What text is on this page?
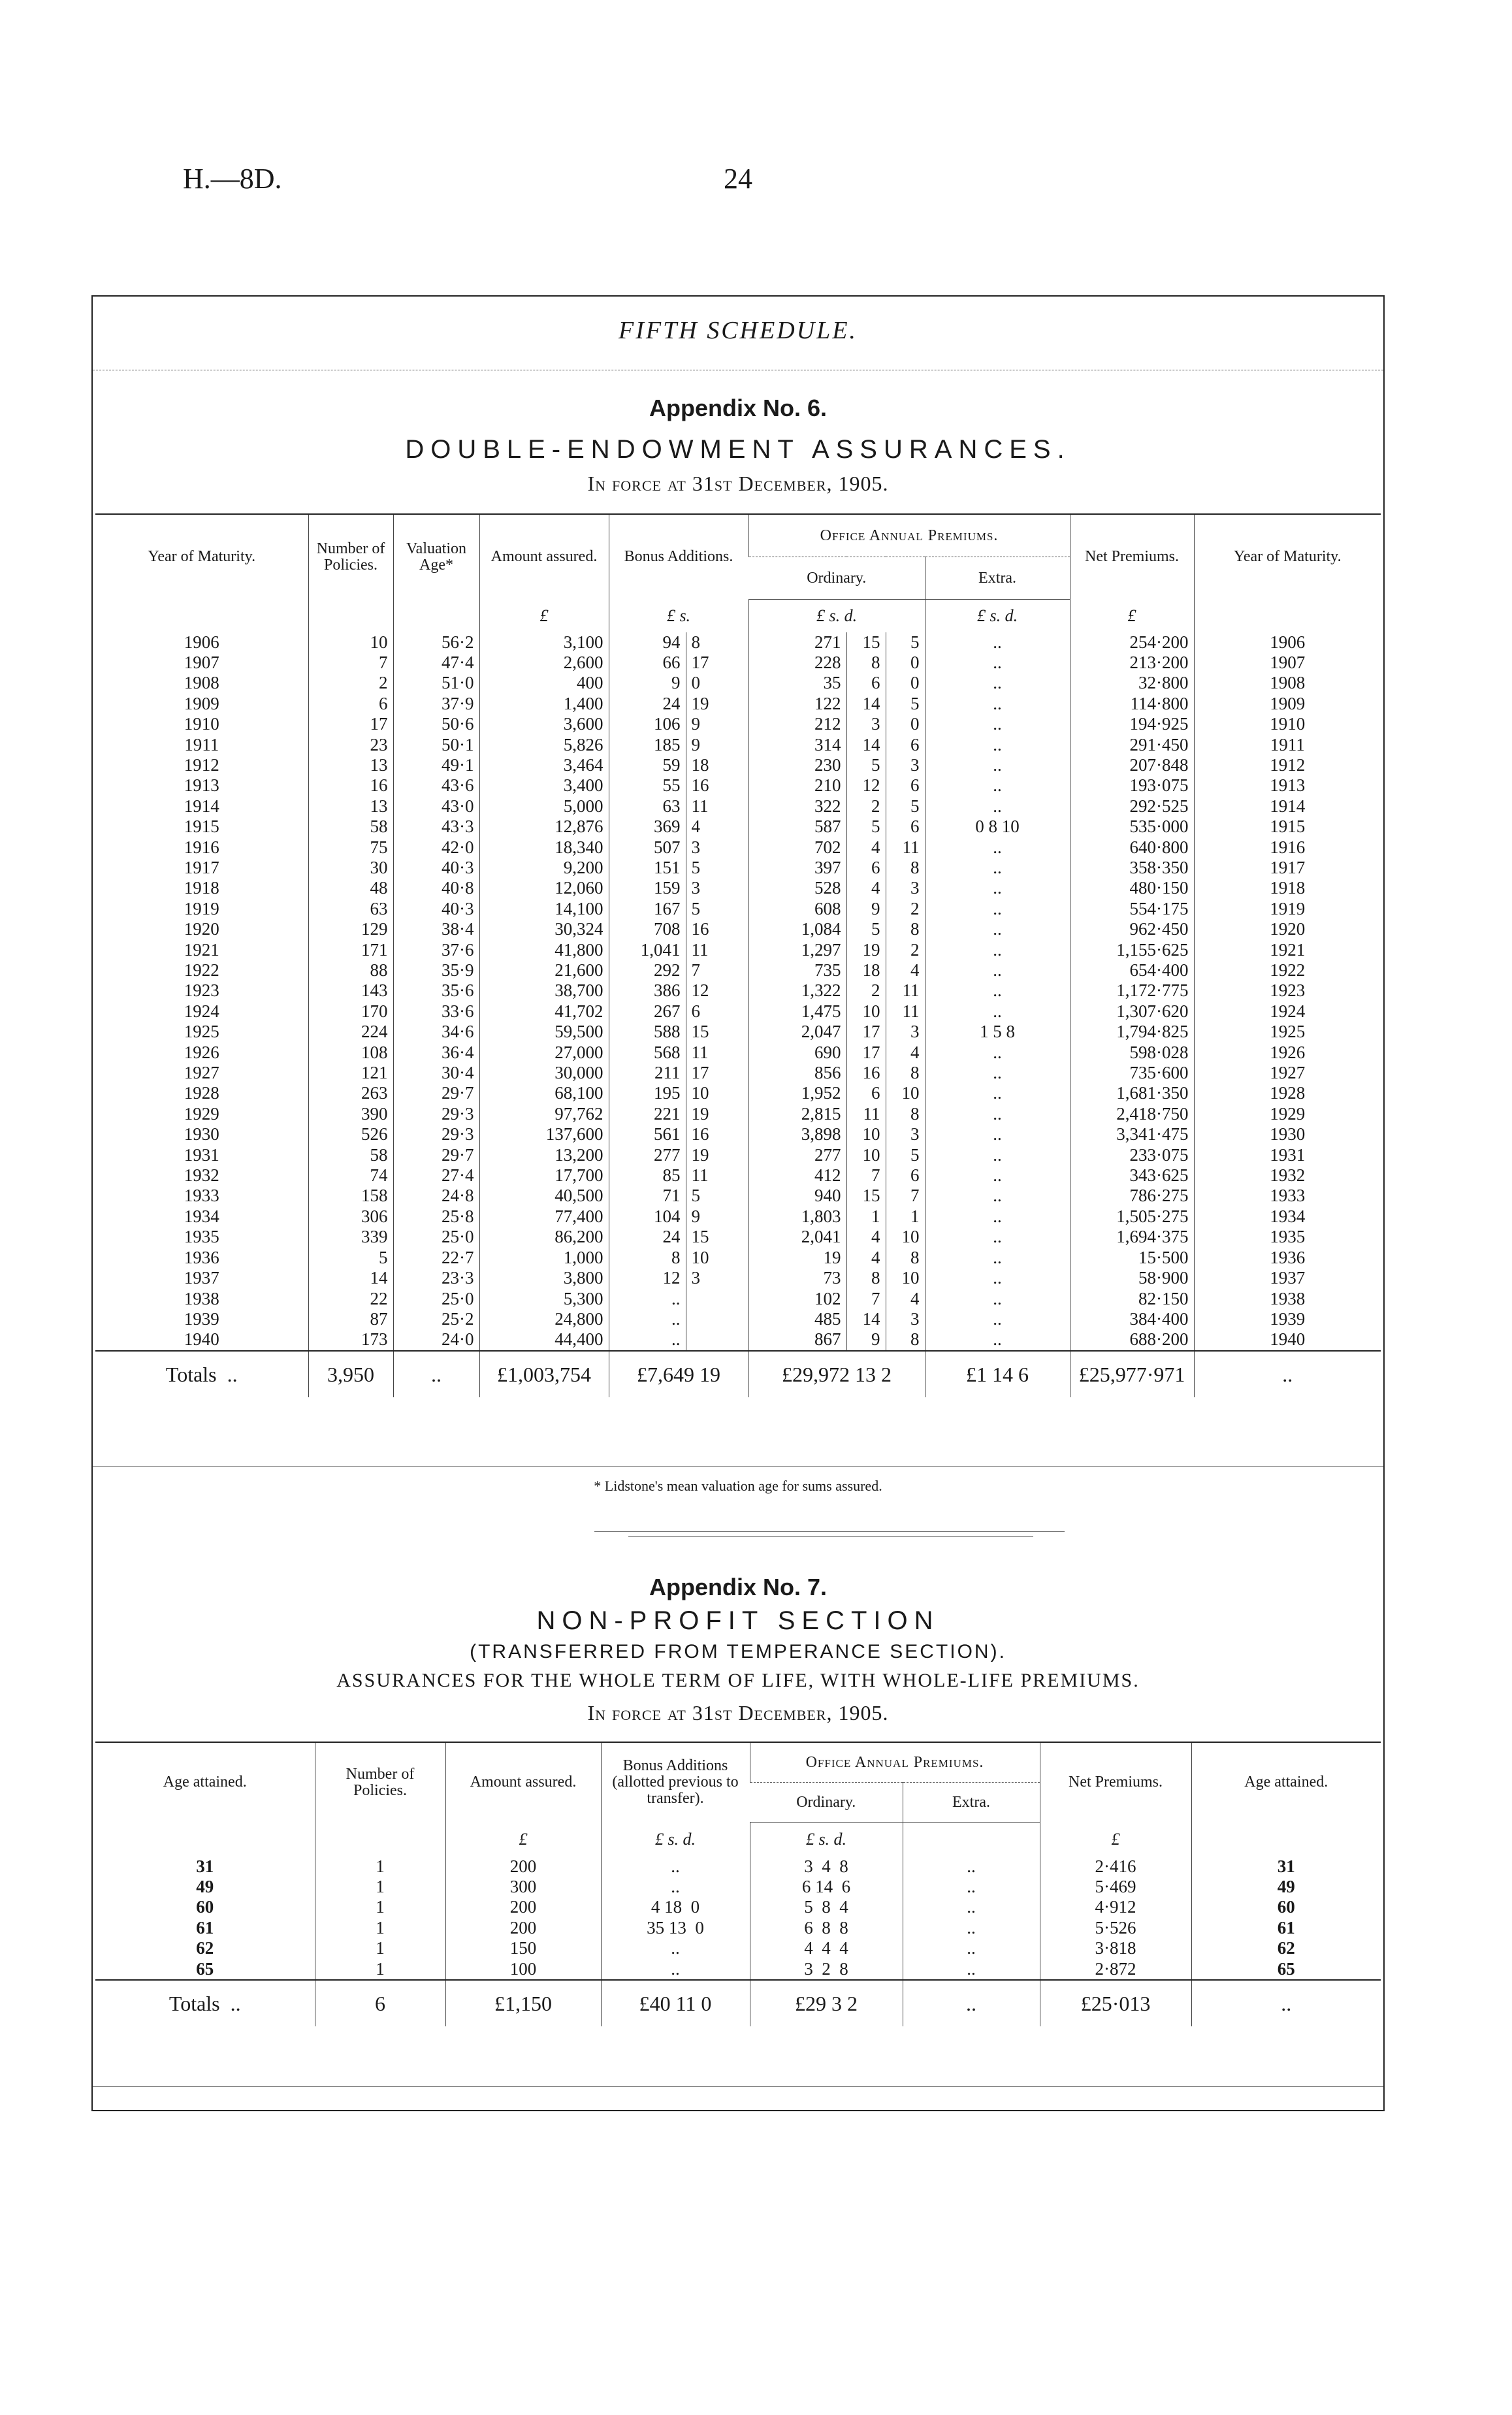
H.—8D.	24
FIFTH SCHEDULE.
Appendix No. 6.
DOUBLE-ENDOWMENT ASSURANCES.
In force at 31st December, 1905.
Year of Maturity.	Number of Policies.	Valuation Age*	Amount assured.	Bonus Additions.		Office Annual Premiums.				Net Premiums.	Year of Maturity.
						Ordinary.			Extra.		
			£	£ s.		£ s. d.			£ s. d.	£	
1906	10	56·2	3,100	94	8	271	15	5	..	254·200	1906
1907	7	47·4	2,600	66	17	228	8	0	..	213·200	1907
1908	2	51·0	400	9	0	35	6	0	..	32·800	1908
1909	6	37·9	1,400	24	19	122	14	5	..	114·800	1909
1910	17	50·6	3,600	106	9	212	3	0	..	194·925	1910
1911	23	50·1	5,826	185	9	314	14	6	..	291·450	1911
1912	13	49·1	3,464	59	18	230	5	3	..	207·848	1912
1913	16	43·6	3,400	55	16	210	12	6	..	193·075	1913
1914	13	43·0	5,000	63	11	322	2	5	..	292·525	1914
1915	58	43·3	12,876	369	4	587	5	6	0 8 10	535·000	1915
1916	75	42·0	18,340	507	3	702	4	11	..	640·800	1916
1917	30	40·3	9,200	151	5	397	6	8	..	358·350	1917
1918	48	40·8	12,060	159	3	528	4	3	..	480·150	1918
1919	63	40·3	14,100	167	5	608	9	2	..	554·175	1919
1920	129	38·4	30,324	708	16	1,084	5	8	..	962·450	1920
1921	171	37·6	41,800	1,041	11	1,297	19	2	..	1,155·625	1921
1922	88	35·9	21,600	292	7	735	18	4	..	654·400	1922
1923	143	35·6	38,700	386	12	1,322	2	11	..	1,172·775	1923
1924	170	33·6	41,702	267	6	1,475	10	11	..	1,307·620	1924
1925	224	34·6	59,500	588	15	2,047	17	3	1 5 8	1,794·825	1925
1926	108	36·4	27,000	568	11	690	17	4	..	598·028	1926
1927	121	30·4	30,000	211	17	856	16	8	..	735·600	1927
1928	263	29·7	68,100	195	10	1,952	6	10	..	1,681·350	1928
1929	390	29·3	97,762	221	19	2,815	11	8	..	2,418·750	1929
1930	526	29·3	137,600	561	16	3,898	10	3	..	3,341·475	1930
1931	58	29·7	13,200	277	19	277	10	5	..	233·075	1931
1932	74	27·4	17,700	85	11	412	7	6	..	343·625	1932
1933	158	24·8	40,500	71	5	940	15	7	..	786·275	1933
1934	306	25·8	77,400	104	9	1,803	1	1	..	1,505·275	1934
1935	339	25·0	86,200	24	15	2,041	4	10	..	1,694·375	1935
1936	5	22·7	1,000	8	10	19	4	8	..	15·500	1936
1937	14	23·3	3,800	12	3	73	8	10	..	58·900	1937
1938	22	25·0	5,300	..		102	7	4	..	82·150	1938
1939	87	25·2	24,800	..		485	14	3	..	384·400	1939
1940	173	24·0	44,400	..		867	9	8	..	688·200	1940
Totals ..	3,950	..	£1,003,754	£7,649 19		£29,972 13 2			£1 14 6	£25,977·971	..
* Lidstone's mean valuation age for sums assured.
Appendix No. 7.
NON-PROFIT SECTION
(TRANSFERRED FROM TEMPERANCE SECTION).
ASSURANCES FOR THE WHOLE TERM OF LIFE, WITH WHOLE-LIFE PREMIUMS.
In force at 31st December, 1905.
Age attained.	Number of Policies.	Amount assured.	Bonus Additions (allotted previous to transfer).	Office Annual Premiums.		Net Premiums.	Age attained.
				Ordinary.	Extra.		
		£	£ s. d.	£ s. d.		£	
31	1	200	..	3  4  8	..	2·416	31
49	1	300	..	6 14  6	..	5·469	49
60	1	200	4 18  0	5  8  4	..	4·912	60
61	1	200	35 13  0	6  8  8	..	5·526	61
62	1	150	..	4  4  4	..	3·818	62
65	1	100	..	3  2  8	..	2·872	65
Totals ..	6	£1,150	£40 11 0	£29 3 2	..	£25·013	..
